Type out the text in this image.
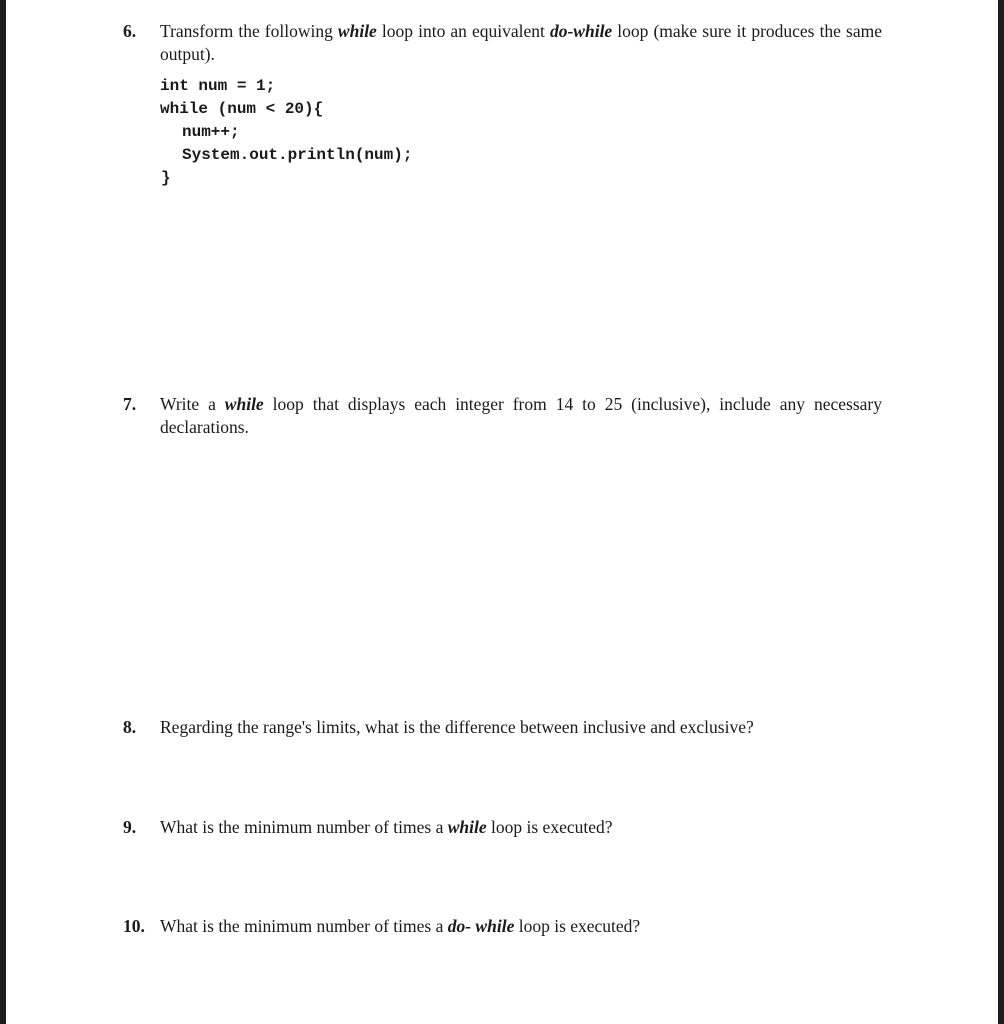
6. Transform the following while loop into an equivalent do-while loop (make sure it produces the same output).

int num = 1;
while (num < 20){
num++;
System.out.println(num);
}
7. Write a while loop that displays each integer from 14 to 25 (inclusive), include any necessary declarations.

8. Regarding the range's limits, what is the difference between inclusive and exclusive?

9. What is the minimum number of times a while loop is executed?

10. What is the minimum number of times a do- while loop is executed?
